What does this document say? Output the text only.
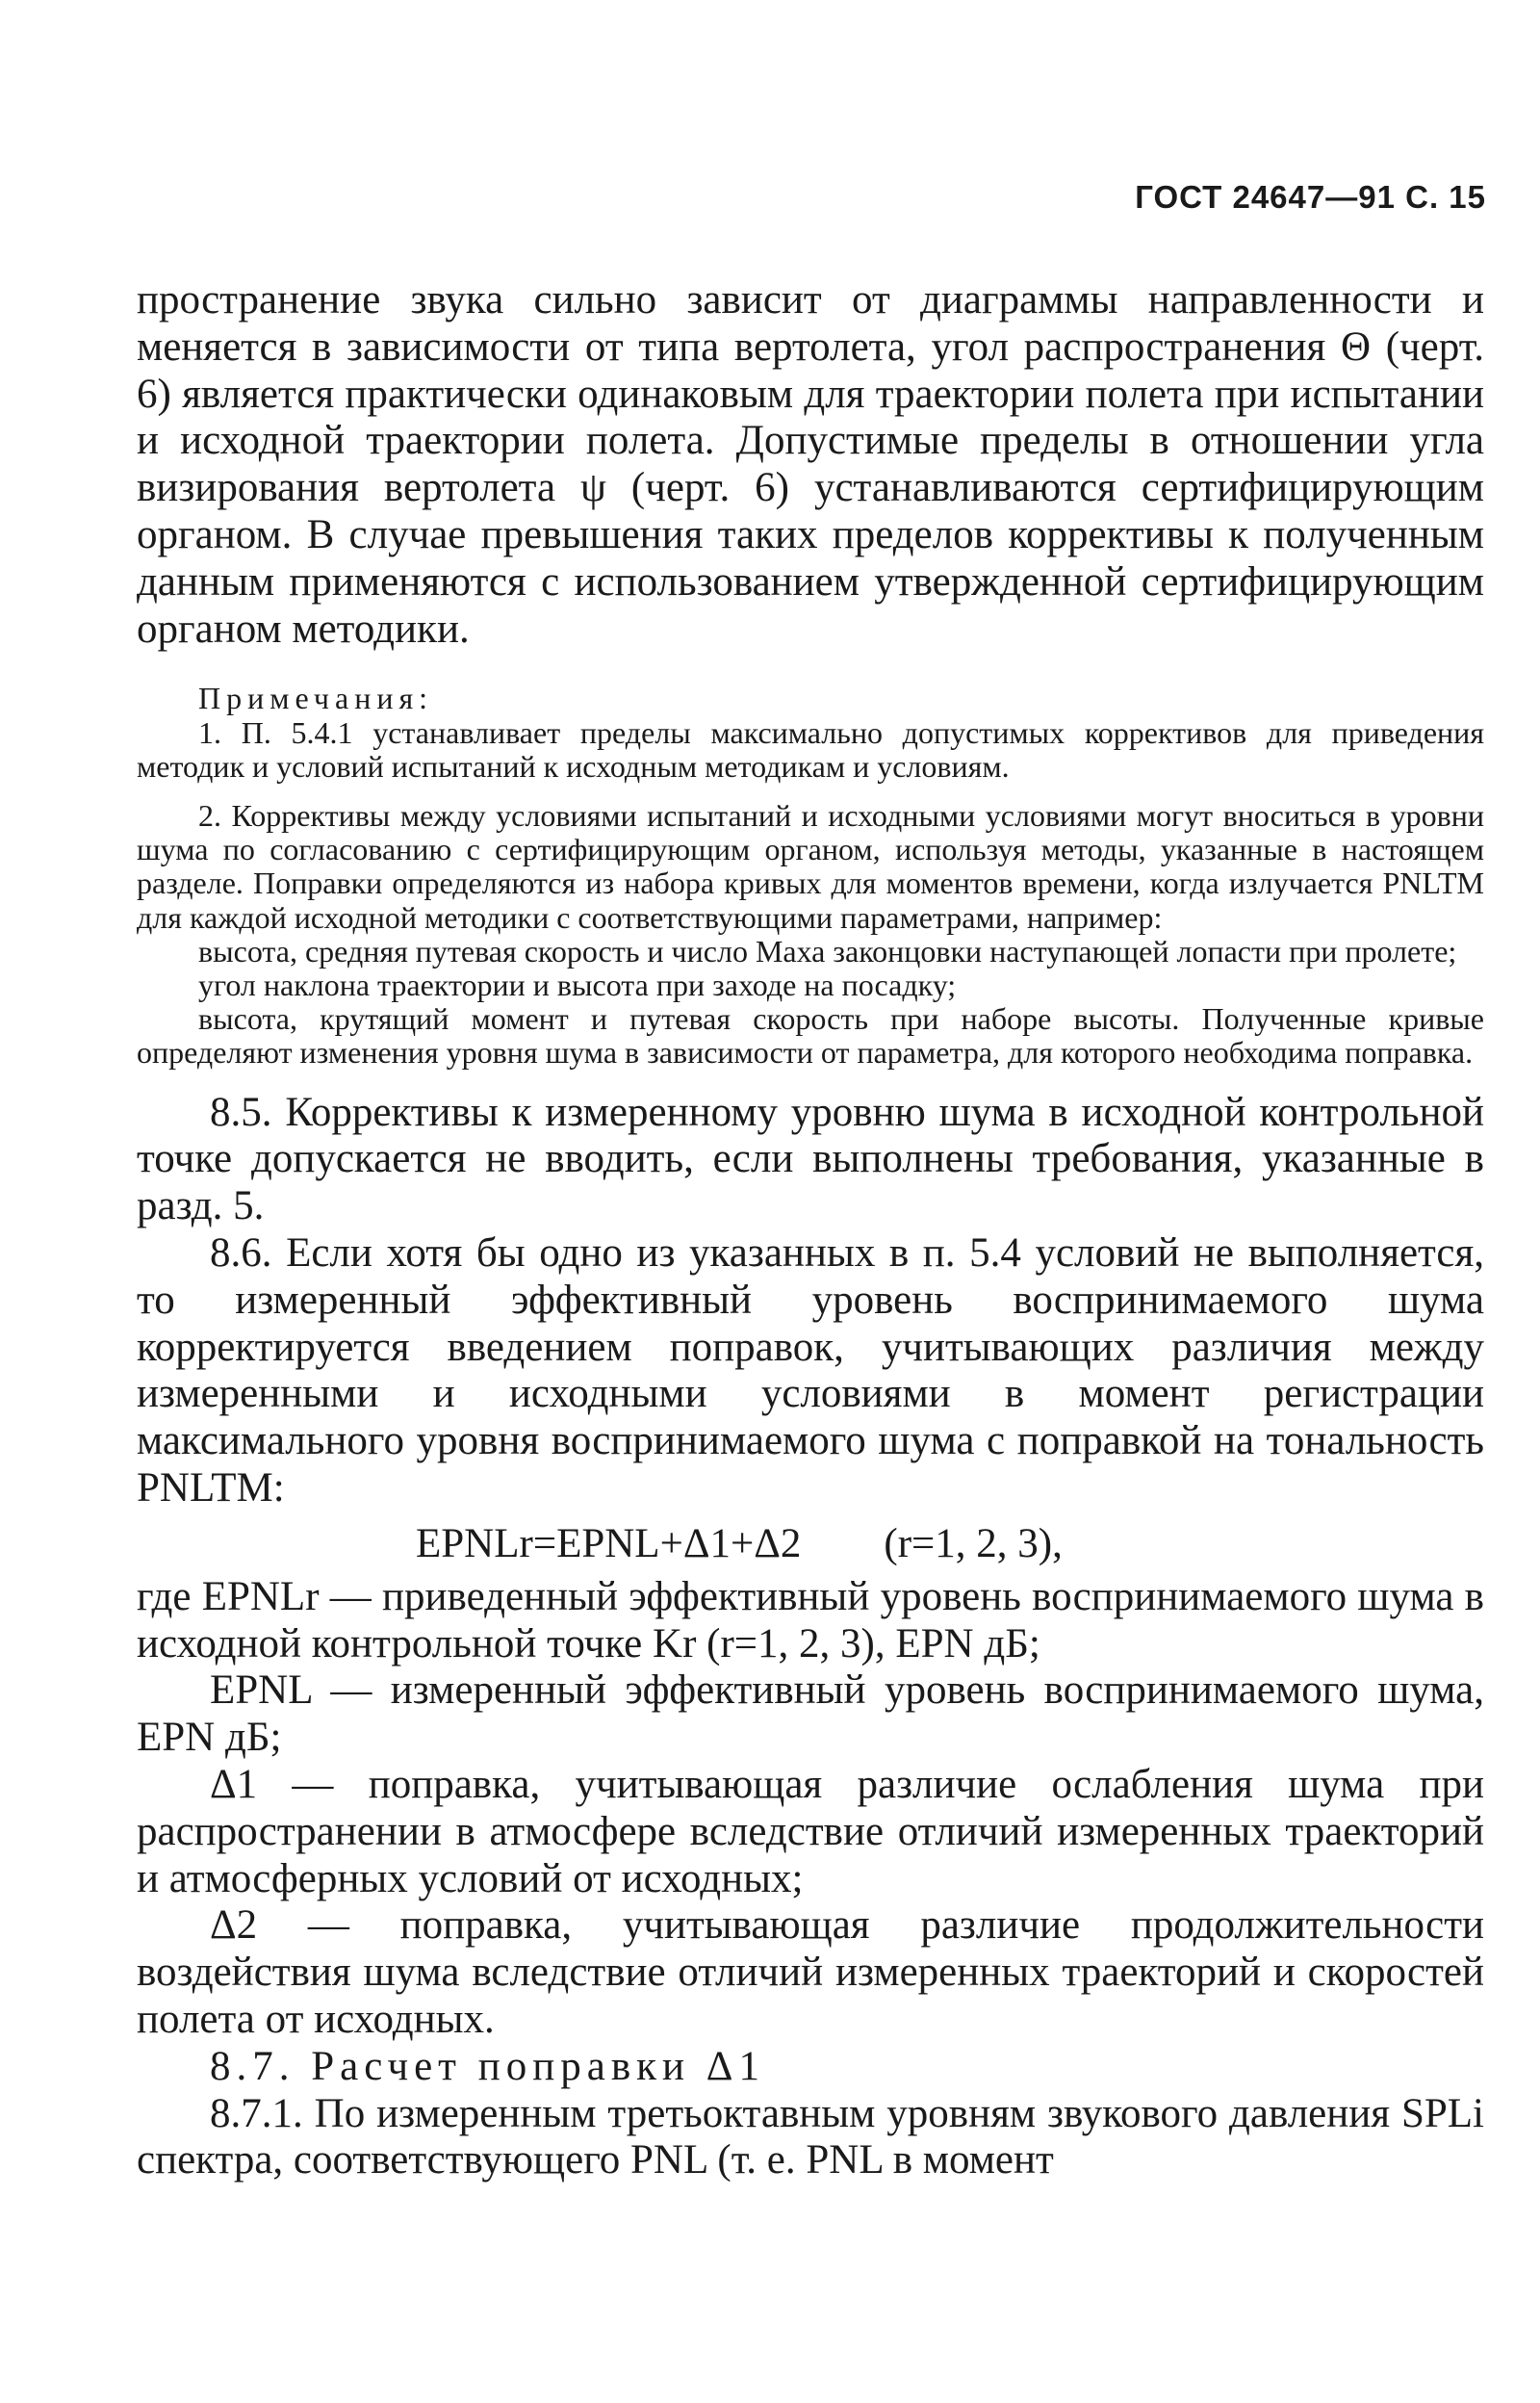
ГОСТ 24647—91 С. 15

пространение звука сильно зависит от диаграммы направленности и меняется в зависимости от типа вертолета, угол распространения Θ (черт. 6) является практически одинаковым для траектории полета при испытании и исходной траектории полета. Допустимые пределы в отношении угла визирования вертолета ψ (черт. 6) устанавливаются сертифицирующим органом. В случае превышения таких пределов коррективы к полученным данным применяются с использованием утвержденной сертифицирующим органом методики.

Примечания:

1. П. 5.4.1 устанавливает пределы максимально допустимых коррективов для приведения методик и условий испытаний к исходным методикам и условиям.

2. Коррективы между условиями испытаний и исходными условиями могут вноситься в уровни шума по согласованию с сертифицирующим органом, используя методы, указанные в настоящем разделе. Поправки определяются из набора кривых для моментов времени, когда излучается PNLTM для каждой исходной методики с соответствующими параметрами, например:

высота, средняя путевая скорость и число Маха законцовки наступающей лопасти при пролете;

угол наклона траектории и высота при заходе на посадку;

высота, крутящий момент и путевая скорость при наборе высоты. Полученные кривые определяют изменения уровня шума в зависимости от параметра, для которого необходима поправка.

8.5. Коррективы к измеренному уровню шума в исходной контрольной точке допускается не вводить, если выполнены требования, указанные в разд. 5.

8.6. Если хотя бы одно из указанных в п. 5.4 условий не выполняется, то измеренный эффективный уровень воспринимаемого шума корректируется введением поправок, учитывающих различия между измеренными и исходными условиями в момент регистрации максимального уровня воспринимаемого шума с поправкой на тональность PNLTM:

EPNLr=EPNL+Δ1+Δ2        (r=1, 2, 3),

где EPNLr — приведенный эффективный уровень воспринимаемого шума в исходной контрольной точке Kr (r=1, 2, 3), EPN дБ;

EPNL — измеренный эффективный уровень воспринимаемого шума, EPN дБ;

Δ1 — поправка, учитывающая различие ослабления шума при распространении в атмосфере вследствие отличий измеренных траекторий и атмосферных условий от исходных;

Δ2 — поправка, учитывающая различие продолжительности воздействия шума вследствие отличий измеренных траекторий и скоростей полета от исходных.

8.7. Расчет поправки Δ1

8.7.1. По измеренным третьоктавным уровням звукового давления SPLi спектра, соответствующего PNL (т. е. PNL в момент
